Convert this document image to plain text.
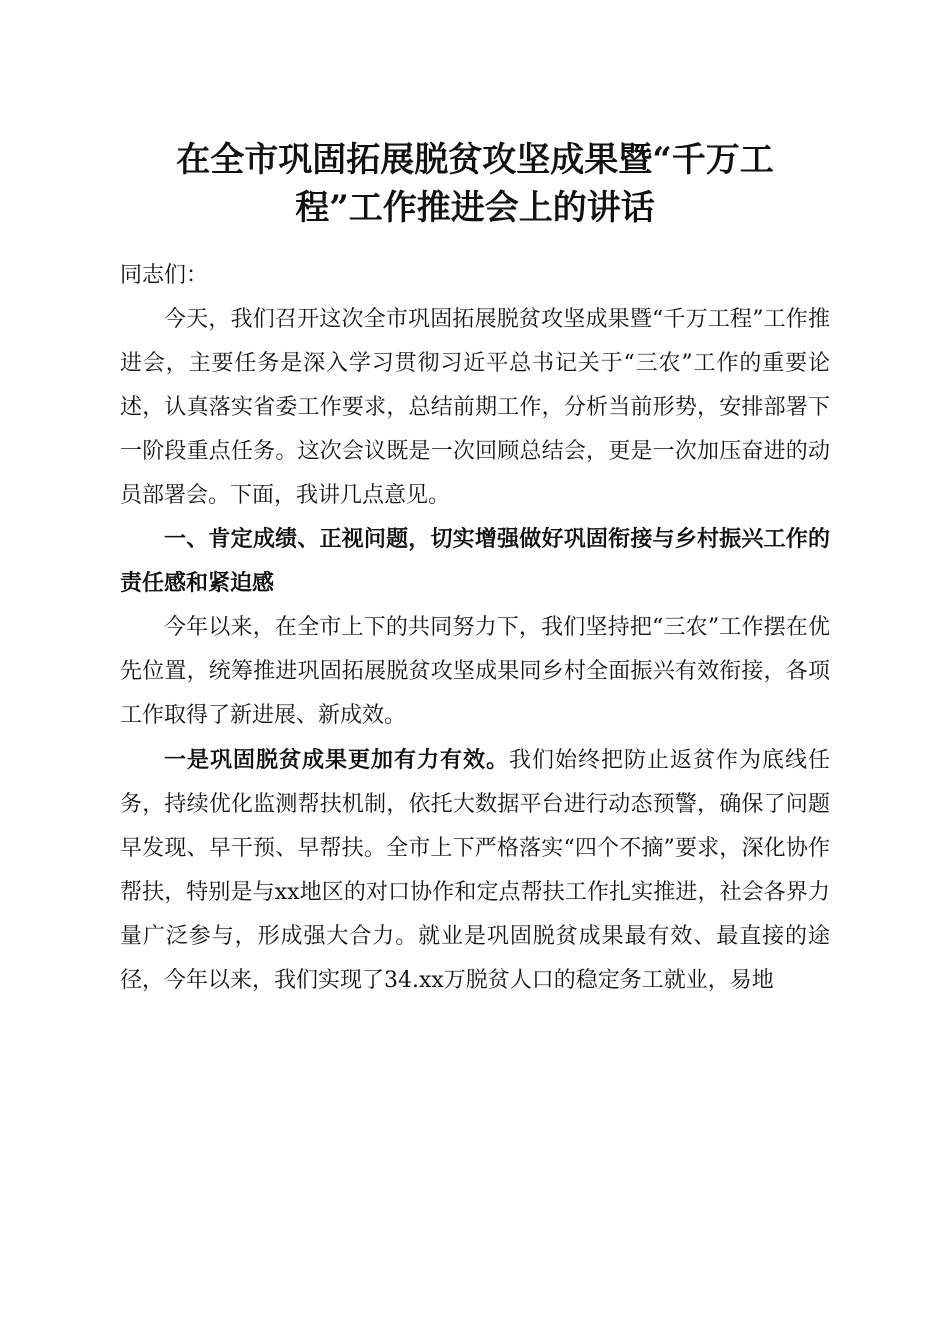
在全市巩固拓展脱贫攻坚成果暨“千万工
程”工作推进会上的讲话

同志们：

今天，我们召开这次全市巩固拓展脱贫攻坚成果暨“千万工程”工作推进会，主要任务是深入学习贯彻习近平总书记关于“三农”工作的重要论述，认真落实省委工作要求，总结前期工作，分析当前形势，安排部署下一阶段重点任务。这次会议既是一次回顾总结会，更是一次加压奋进的动员部署会。下面，我讲几点意见。

一、肯定成绩、正视问题，切实增强做好巩固衔接与乡村振兴工作的责任感和紧迫感

今年以来，在全市上下的共同努力下，我们坚持把“三农”工作摆在优先位置，统筹推进巩固拓展脱贫攻坚成果同乡村全面振兴有效衔接，各项工作取得了新进展、新成效。

一是巩固脱贫成果更加有力有效。我们始终把防止返贫作为底线任务，持续优化监测帮扶机制，依托大数据平台进行动态预警，确保了问题早发现、早干预、早帮扶。全市上下严格落实“四个不摘”要求，深化协作帮扶，特别是与xx地区的对口协作和定点帮扶工作扎实推进，社会各界力量广泛参与，形成强大合力。就业是巩固脱贫成果最有效、最直接的途径，今年以来，我们实现了34.xx万脱贫人口的稳定务工就业，易地
